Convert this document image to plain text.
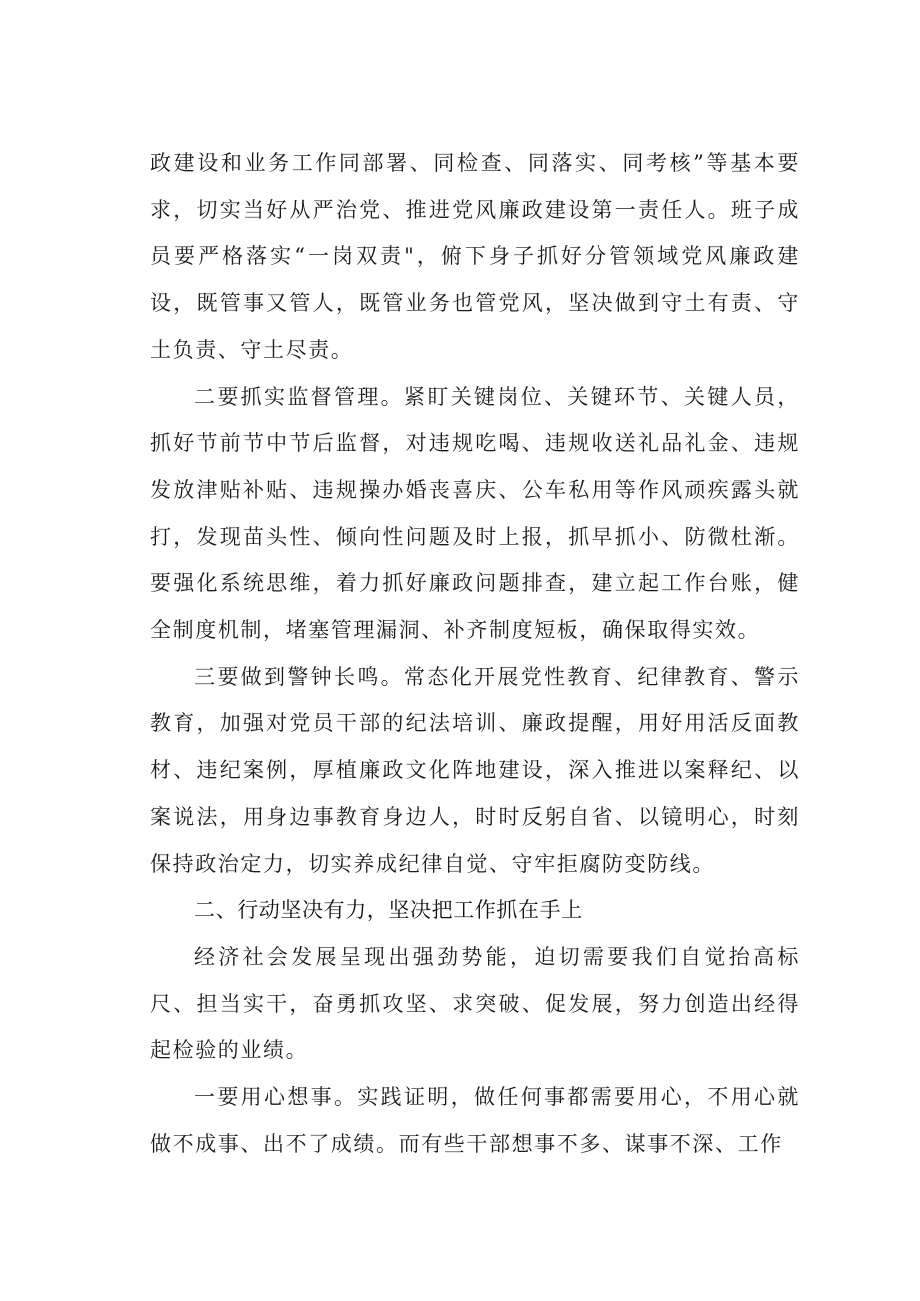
政建设和业务工作同部署、同检查、同落实、同考核”等基本要求，切实当好从严治党、推进党风廉政建设第一责任人。班子成员要严格落实“一岗双责"，俯下身子抓好分管领域党风廉政建设，既管事又管人，既管业务也管党风，坚决做到守土有责、守土负责、守土尽责。

二要抓实监督管理。紧盯关键岗位、关键环节、关键人员，抓好节前节中节后监督，对违规吃喝、违规收送礼品礼金、违规发放津贴补贴、违规操办婚丧喜庆、公车私用等作风顽疾露头就打，发现苗头性、倾向性问题及时上报，抓早抓小、防微杜渐。要强化系统思维，着力抓好廉政问题排查，建立起工作台账，健全制度机制，堵塞管理漏洞、补齐制度短板，确保取得实效。

三要做到警钟长鸣。常态化开展党性教育、纪律教育、警示教育，加强对党员干部的纪法培训、廉政提醒，用好用活反面教材、违纪案例，厚植廉政文化阵地建设，深入推进以案释纪、以案说法，用身边事教育身边人，时时反躬自省、以镜明心，时刻保持政治定力，切实养成纪律自觉、守牢拒腐防变防线。

二、行动坚决有力，坚决把工作抓在手上

经济社会发展呈现出强劲势能，迫切需要我们自觉抬高标尺、担当实干，奋勇抓攻坚、求突破、促发展，努力创造出经得起检验的业绩。

一要用心想事。实践证明，做任何事都需要用心，不用心就做不成事、出不了成绩。而有些干部想事不多、谋事不深、工作
